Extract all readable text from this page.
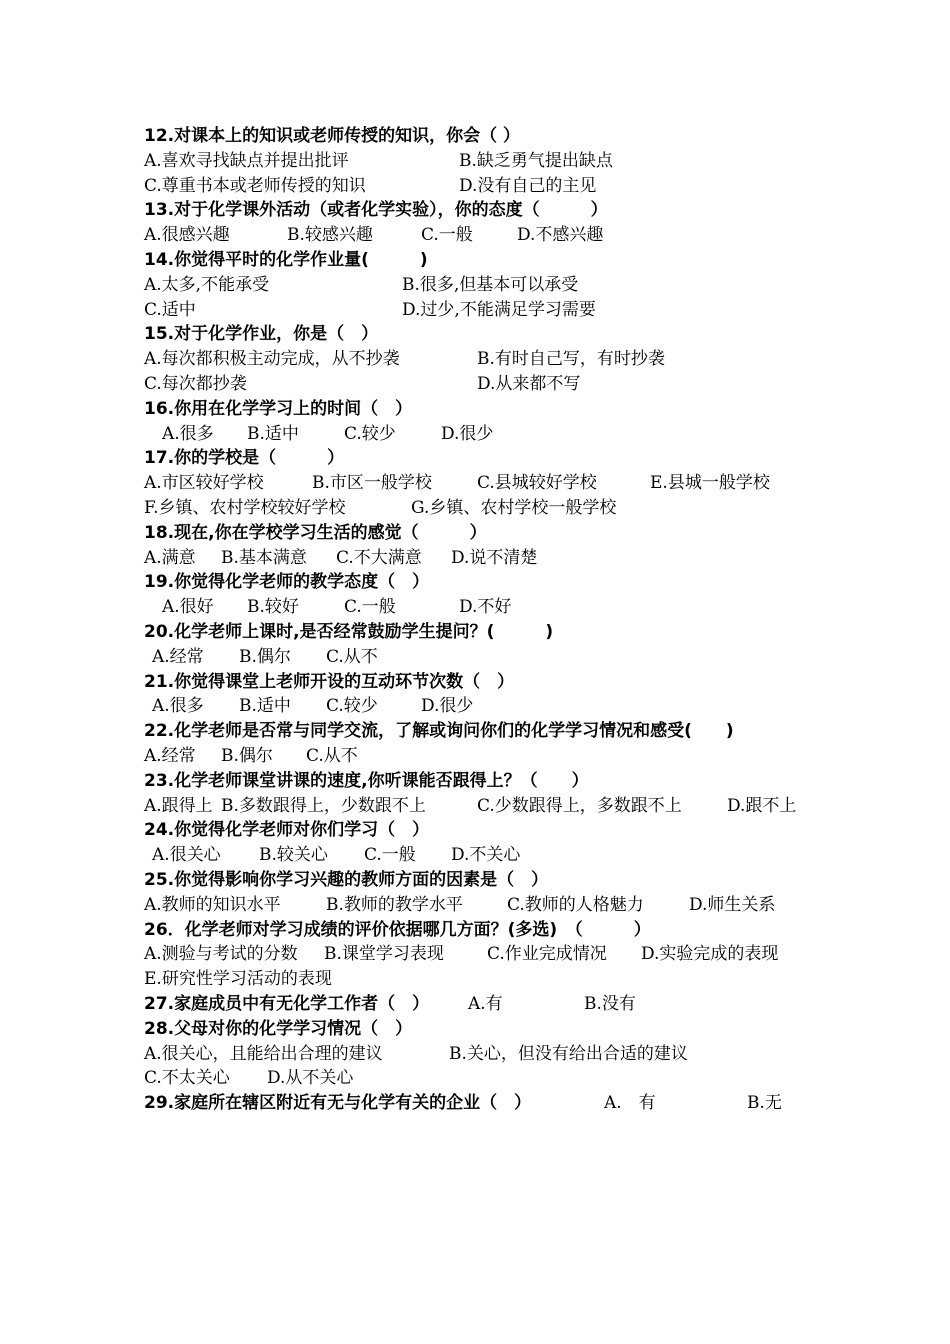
12.对课本上的知识或老师传授的知识，你会（ ）
A.喜欢寻找缺点并提出批评	B.缺乏勇气提出缺点
C.尊重书本或老师传授的知识	D.没有自己的主见
13.对于化学课外活动（或者化学实验），你的态度（　　　）
A.很感兴趣	B.较感兴趣	C.一般	D.不感兴趣
14.你觉得平时的化学作业量(　　　)
A.太多,不能承受	B.很多,但基本可以承受
C.适中	D.过少,不能满足学习需要
15.对于化学作业，你是（　）
A.每次都积极主动完成，从不抄袭	B.有时自己写，有时抄袭
C.每次都抄袭	D.从来都不写
16.你用在化学学习上的时间（　）
A.很多 B.适中	C.较少	D.很少
17.你的学校是（　　　）
A.市区较好学校	B.市区一般学校	C.县城较好学校	E.县城一般学校
F.乡镇、农村学校较好学校	G.乡镇、农村学校一般学校
18.现在,你在学校学习生活的感觉（　　　）
A.满意 B.基本满意 C.不大满意 D.说不清楚
19.你觉得化学老师的教学态度（　）
A.很好 B.较好	C.一般	D.不好
20.化学老师上课时,是否经常鼓励学生提问？(　　　)
A.经常 B.偶尔 C.从不
21.你觉得课堂上老师开设的互动环节次数（　）
A.很多 B.适中 C.较少	D.很少
22.化学老师是否常与同学交流，了解或询问你们的化学学习情况和感受(　　)
A.经常 B.偶尔 C.从不
23.化学老师课堂讲课的速度,你听课能否跟得上？（　　）
A.跟得上 B.多数跟得上，少数跟不上	C.少数跟得上，多数跟不上	D.跟不上
24.你觉得化学老师对你们学习（　）
A.很关心 B.较关心 C.一般 D.不关心
25.你觉得影响你学习兴趣的教师方面的因素是（　）
A.教师的知识水平	B.教师的教学水平	C.教师的人格魅力	D.师生关系
26．化学老师对学习成绩的评价依据哪几方面？(多选)　（　　　）
A.测验与考试的分数 B.课堂学习表现	C.作业完成情况 D.实验完成的表现
E.研究性学习活动的表现
27.家庭成员中有无化学工作者（　） A.有	B.没有
28.父母对你的化学学习情况（　）
A.很关心，且能给出合理的建议	B.关心，但没有给出合适的建议
C.不太关心 D.从不关心
29.家庭所在辖区附近有无与化学有关的企业（　）	A.　有	B.无
